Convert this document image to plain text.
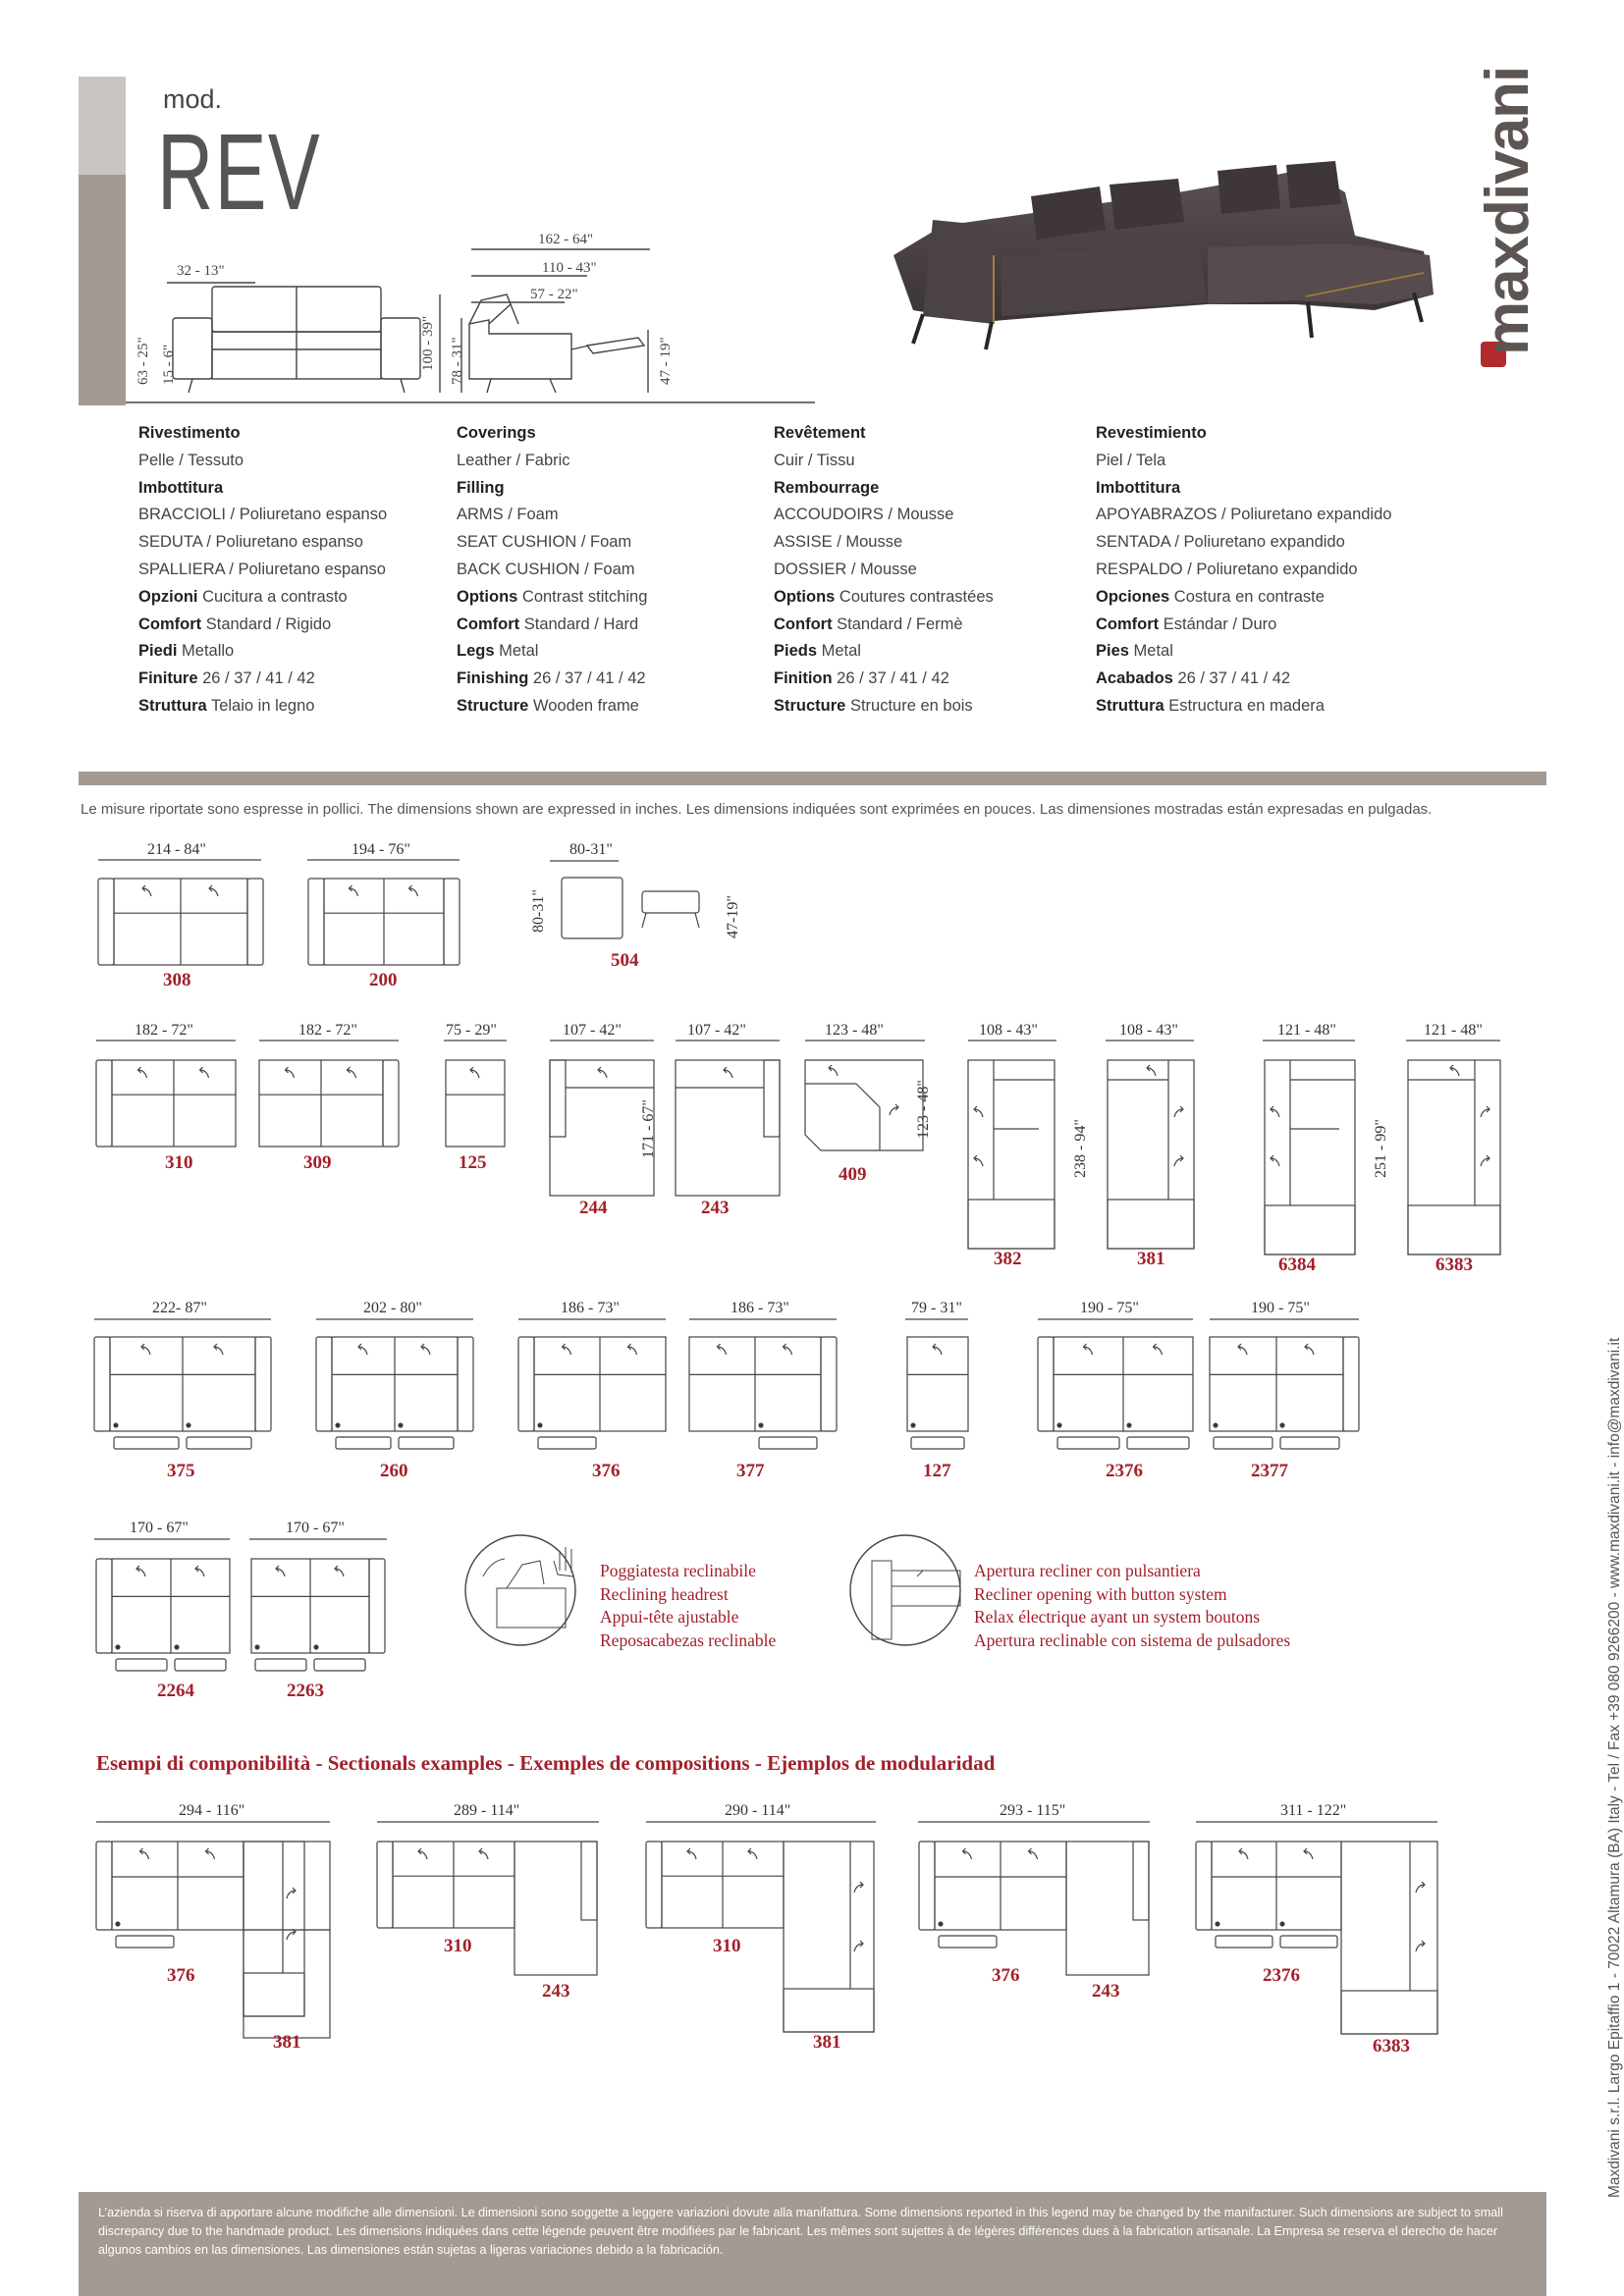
mod.
REV
32 - 13"
63 - 25" 15 - 6"
162 - 64"
110 - 43"
57 - 22"
100 - 39" 78 - 31"	47 - 19"
maxdivani
Rivestimento
Pelle / Tessuto
Imbottitura
BRACCIOLI / Poliuretano espanso
SEDUTA / Poliuretano espanso
SPALLIERA / Poliuretano espanso
Opzioni Cucitura a contrasto
Comfort Standard / Rigido
Piedi Metallo
Finiture 26 / 37 / 41 / 42
Struttura Telaio in legno
Coverings
Leather / Fabric
Filling
ARMS / Foam
SEAT CUSHION / Foam
BACK CUSHION / Foam
Options Contrast stitching
Comfort Standard / Hard
Legs Metal
Finishing 26 / 37 / 41 / 42
Structure Wooden frame
Revêtement
Cuir / Tissu
Rembourrage
ACCOUDOIRS / Mousse
ASSISE / Mousse
DOSSIER / Mousse
Options Coutures contrastées
Confort Standard / Fermè
Pieds Metal
Finition 26 / 37 / 41 / 42
Structure Structure en bois
Revestimiento
Piel / Tela
Imbottitura
APOYABRAZOS / Poliuretano expandido
SENTADA / Poliuretano expandido
RESPALDO / Poliuretano expandido
Opciones Costura en contraste
Comfort Estándar / Duro
Pies Metal
Acabados 26 / 37 / 41 / 42
Struttura Estructura en madera
Le misure riportate sono espresse in pollici. The dimensions shown are expressed in inches. Les dimensions indiquées sont exprimées en pouces. Las dimensiones mostradas están expresadas en pulgadas.
214 - 84"
308
194 - 76"
200
182 - 72"
310
182 - 72"
309
75 - 29"
125
222- 87"
375
202 - 80"
260
186 - 73"
376
186 - 73"
377
79 - 31"
127
190 - 75"
2376
190 - 75"
2377
170 - 67"
2264
170 - 67"
2263
80-31"
80-31"	47-19"
504
107 - 42"
171 - 67"
244
107 - 42"
243
123 - 48"
123 - 48"
409
108 - 43"
238 - 94"
382
108 - 43"
381
121 - 48"
251 - 99"
6384
121 - 48"
6383
294 - 116"
376
381
289 - 114"
310
243
290 - 114"
310
381
293 - 115"
376
243
311 - 122"
2376
6383
Poggiatesta reclinabile
Reclining headrest
Appui-tête ajustable
Reposacabezas reclinable
Apertura recliner con pulsantiera
Recliner opening with button system
Relax électrique ayant un system boutons
Apertura reclinable con sistema de pulsadores
Esempi di componibilità - Sectionals examples - Exemples de compositions - Ejemplos de modularidad

L’azienda si riserva di apportare alcune modifiche alle dimensioni. Le dimensioni sono soggette a leggere variazioni dovute alla manifattura. Some dimensions reported in this legend may be changed by the manifacturer. Such dimensions are subject to small discrepancy due to the handmade product. Les dimensions indiquées dans cette légende peuvent être modifiées par le fabricant. Les mêmes sont sujettes à de légères différences dues à la fabrication artisanale. La Empresa se reserva el derecho de hacer algunos cambios en las dimensiones. Las dimensiones están sujetas a ligeras variaciones debido a la fabricación.

Maxdivani s.r.l. Largo Epitaffio 1 - 70022 Altamura (BA) Italy - Tel / Fax +39 080 9266200 - www.maxdivani.it - info@maxdivani.it
